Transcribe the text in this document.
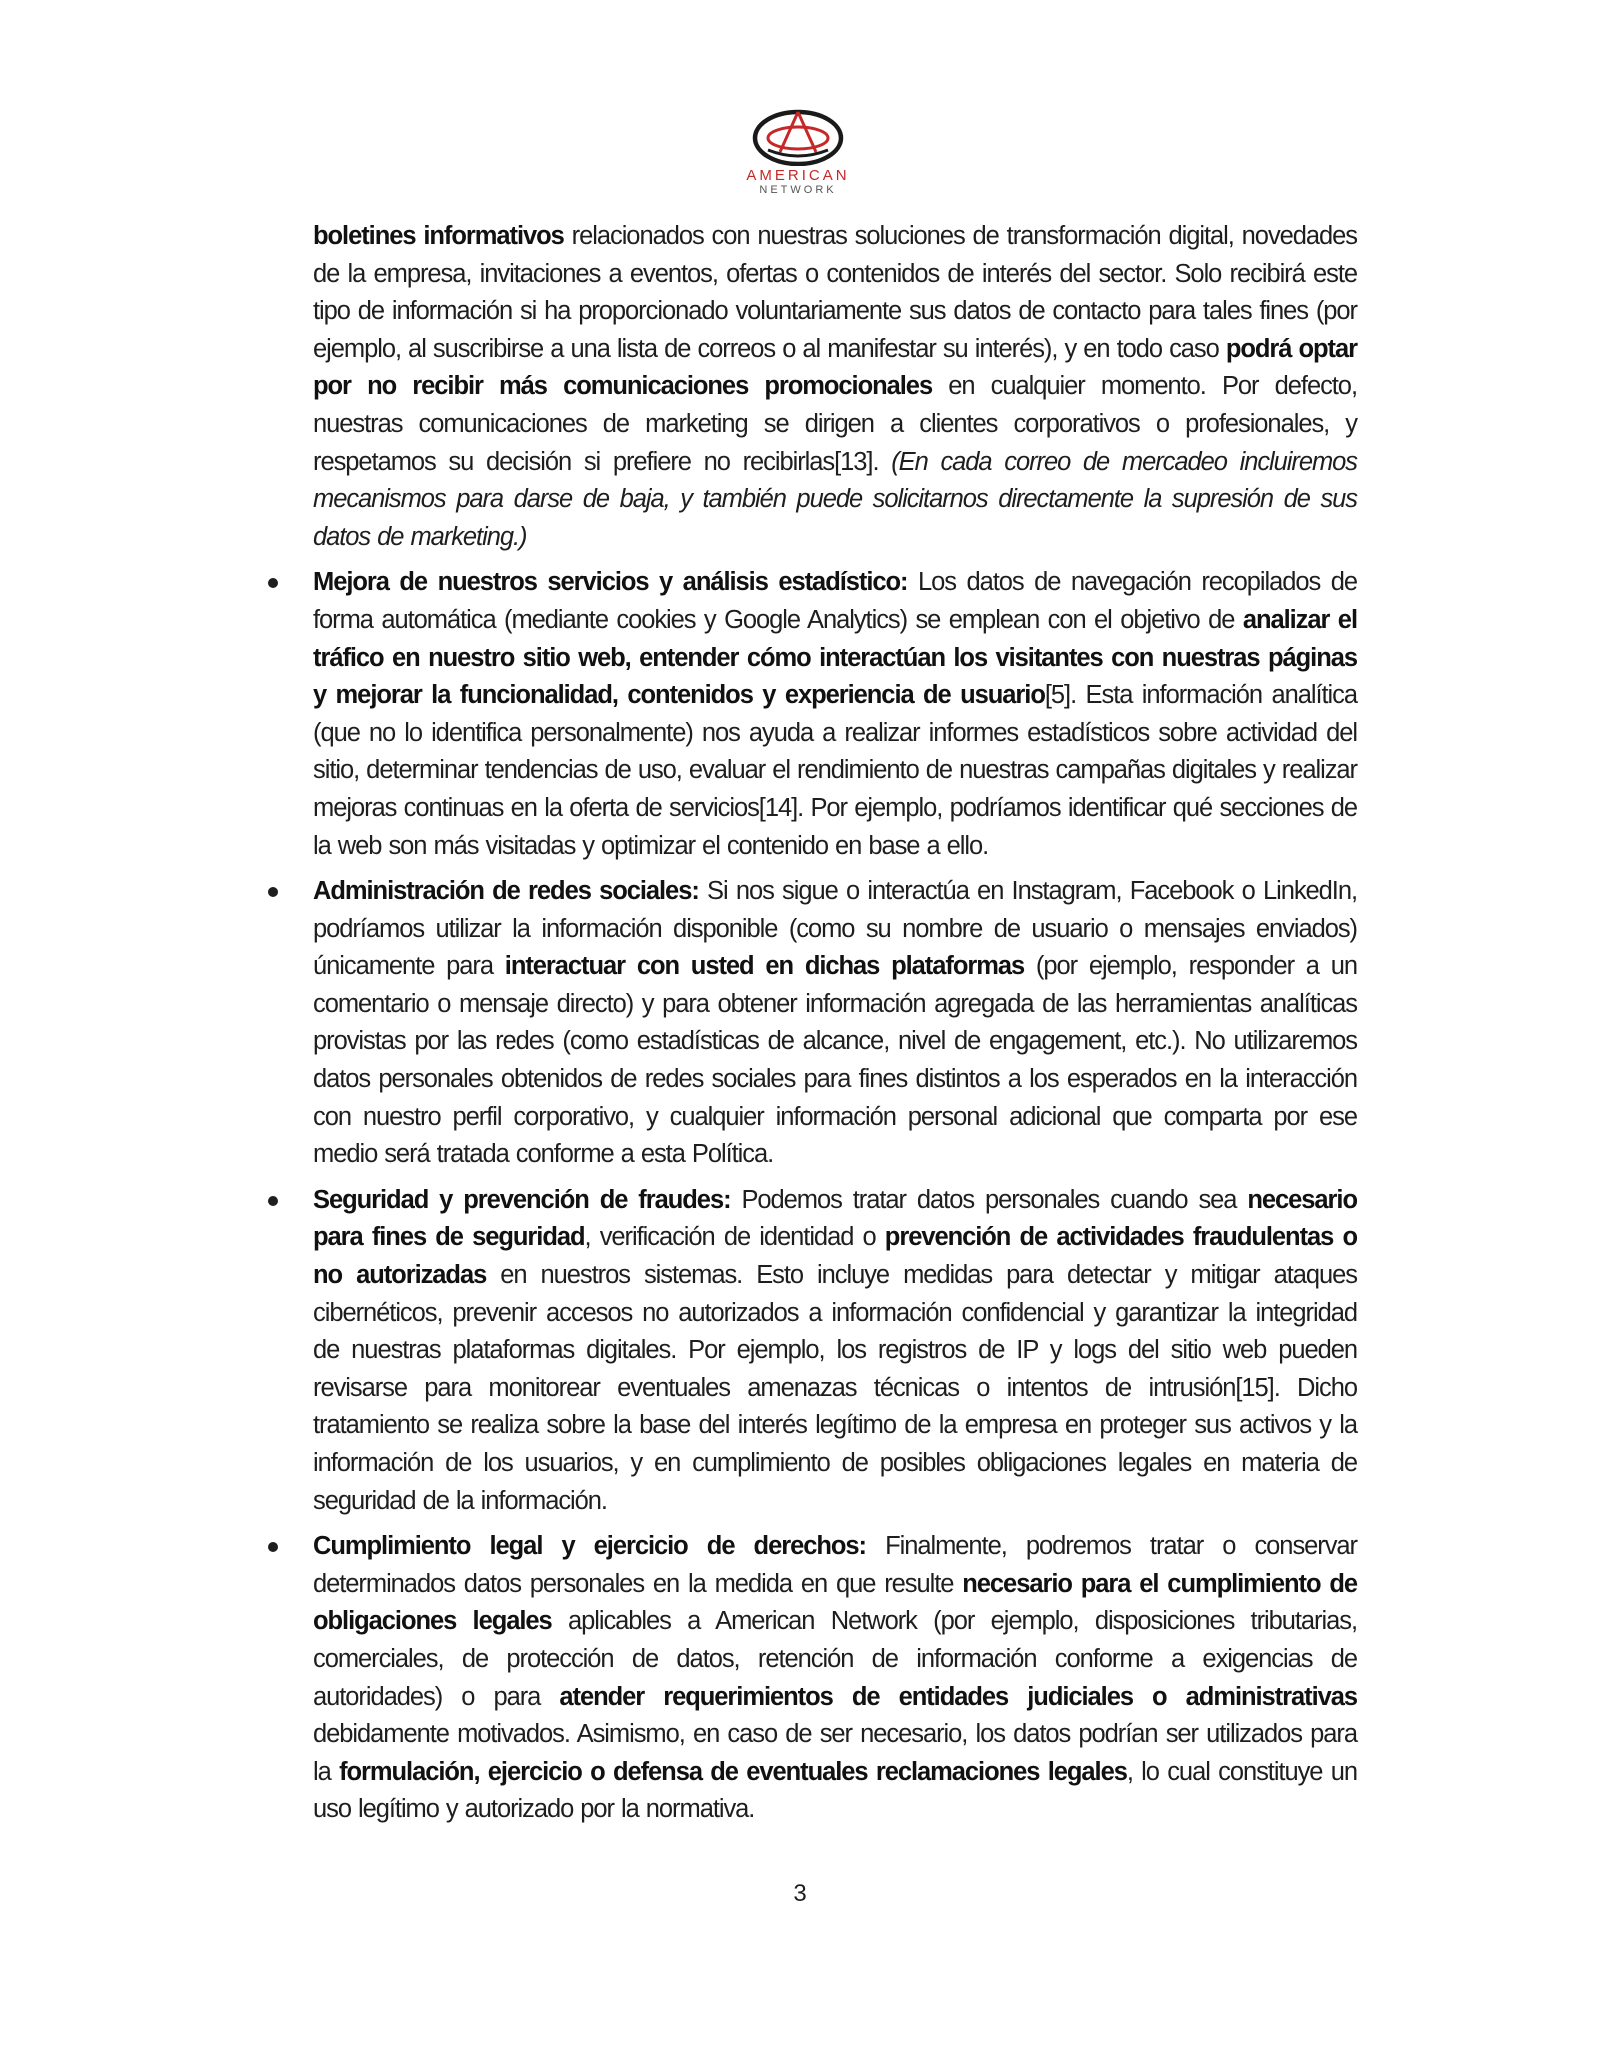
AMERICAN
NETWORK

boletines informativos relacionados con nuestras soluciones de transformación digital, novedades de la empresa, invitaciones a eventos, ofertas o contenidos de interés del sector. Solo recibirá este tipo de información si ha proporcionado voluntariamente sus datos de contacto para tales fines (por ejemplo, al suscribirse a una lista de correos o al manifestar su interés), y en todo caso podrá optar por no recibir más comunicaciones promocionales en cualquier momento. Por defecto, nuestras comunicaciones de marketing se dirigen a clientes corporativos o profesionales, y respetamos su decisión si prefiere no recibirlas[13]. (En cada correo de mercadeo incluiremos mecanismos para darse de baja, y también puede solicitarnos directamente la supresión de sus datos de marketing.)

Mejora de nuestros servicios y análisis estadístico: Los datos de navegación recopilados de forma automática (mediante cookies y Google Analytics) se emplean con el objetivo de analizar el tráfico en nuestro sitio web, entender cómo interactúan los visitantes con nuestras páginas y mejorar la funcionalidad, contenidos y experiencia de usuario[5]. Esta información analítica (que no lo identifica personalmente) nos ayuda a realizar informes estadísticos sobre actividad del sitio, determinar tendencias de uso, evaluar el rendimiento de nuestras campañas digitales y realizar mejoras continuas en la oferta de servicios[14]. Por ejemplo, podríamos identificar qué secciones de la web son más visitadas y optimizar el contenido en base a ello.
Administración de redes sociales: Si nos sigue o interactúa en Instagram, Facebook o LinkedIn, podríamos utilizar la información disponible (como su nombre de usuario o mensajes enviados) únicamente para interactuar con usted en dichas plataformas (por ejemplo, responder a un comentario o mensaje directo) y para obtener información agregada de las herramientas analíticas provistas por las redes (como estadísticas de alcance, nivel de engagement, etc.). No utilizaremos datos personales obtenidos de redes sociales para fines distintos a los esperados en la interacción con nuestro perfil corporativo, y cualquier información personal adicional que comparta por ese medio será tratada conforme a esta Política.
Seguridad y prevención de fraudes: Podemos tratar datos personales cuando sea necesario para fines de seguridad, verificación de identidad o prevención de actividades fraudulentas o no autorizadas en nuestros sistemas. Esto incluye medidas para detectar y mitigar ataques cibernéticos, prevenir accesos no autorizados a información confidencial y garantizar la integridad de nuestras plataformas digitales. Por ejemplo, los registros de IP y logs del sitio web pueden revisarse para monitorear eventuales amenazas técnicas o intentos de intrusión[15]. Dicho tratamiento se realiza sobre la base del interés legítimo de la empresa en proteger sus activos y la información de los usuarios, y en cumplimiento de posibles obligaciones legales en materia de seguridad de la información.
Cumplimiento legal y ejercicio de derechos: Finalmente, podremos tratar o conservar determinados datos personales en la medida en que resulte necesario para el cumplimiento de obligaciones legales aplicables a American Network (por ejemplo, disposiciones tributarias, comerciales, de protección de datos, retención de información conforme a exigencias de autoridades) o para atender requerimientos de entidades judiciales o administrativas debidamente motivados. Asimismo, en caso de ser necesario, los datos podrían ser utilizados para la formulación, ejercicio o defensa de eventuales reclamaciones legales, lo cual constituye un uso legítimo y autorizado por la normativa.
3
